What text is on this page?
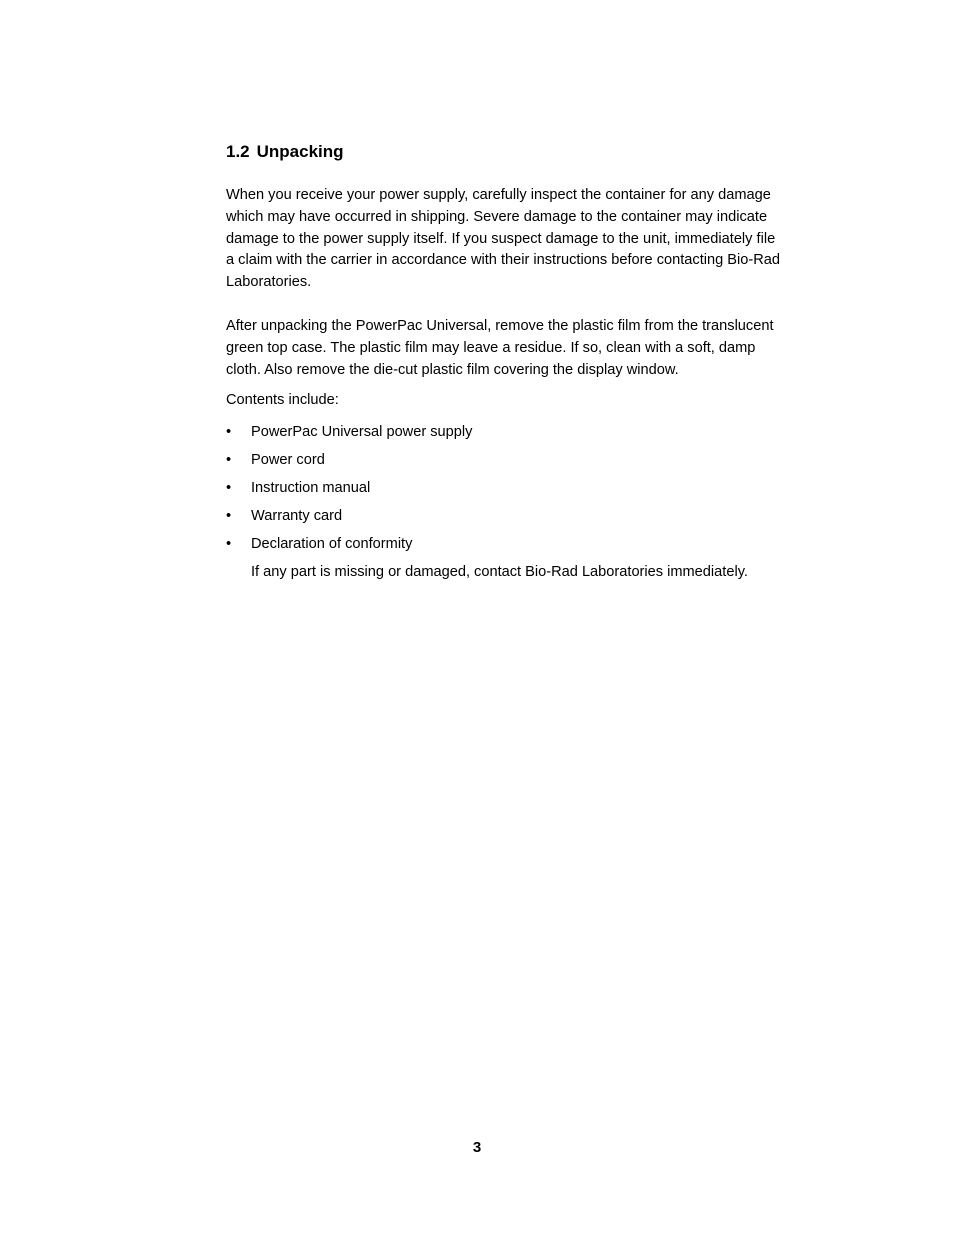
1.2 Unpacking

When you receive your power supply, carefully inspect the container for any damage which may have occurred in shipping. Severe damage to the container may indicate damage to the power supply itself. If you suspect damage to the unit, immediately file a claim with the carrier in accordance with their instructions before contacting Bio-Rad Laboratories.

After unpacking the PowerPac Universal, remove the plastic film from the translucent green top case. The plastic film may leave a residue. If so, clean with a soft, damp cloth. Also remove the die-cut plastic film covering the display window.

Contents include:

• PowerPac Universal power supply
• Power cord
• Instruction manual
• Warranty card
• Declaration of conformity

If any part is missing or damaged, contact Bio-Rad Laboratories immediately.

3
